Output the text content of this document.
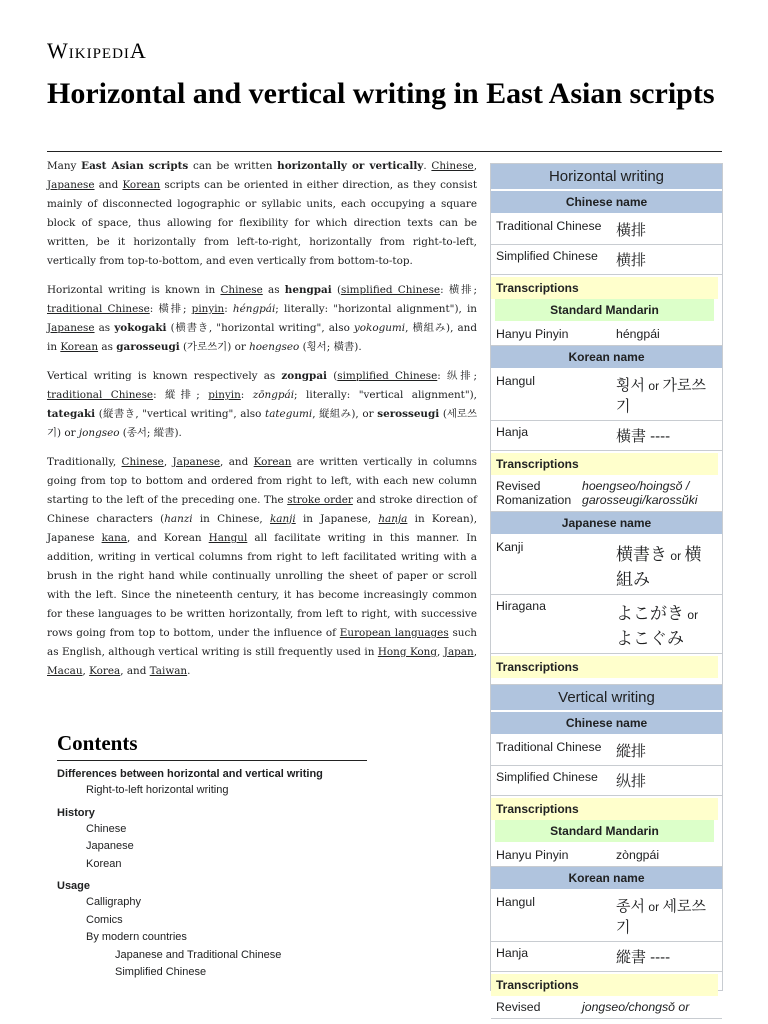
WikipediA
Horizontal and vertical writing in East Asian scripts

Many East Asian scripts can be written horizontally or vertically. Chinese, Japanese and Korean scripts can be oriented in either direction, as they consist mainly of disconnected logographic or syllabic units, each occupying a square block of space, thus allowing for flexibility for which direction texts can be written, be it horizontally from left-to-right, horizontally from right-to-left, vertically from top-to-bottom, and even vertically from bottom-to-top.

Horizontal writing is known in Chinese as hengpai (simplified Chinese: 横排; traditional Chinese: 橫排; pinyin: héngpái; literally: "horizontal alignment"), in Japanese as yokogaki (横書き, "horizontal writing", also yokogumi, 横組み), and in Korean as garosseugi (가로쓰기) or hoengseo (횡서; 橫書).

Vertical writing is known respectively as zongpai (simplified Chinese: 纵排; traditional Chinese: 縱排; pinyin: zōngpái; literally: "vertical alignment"), tategaki (縦書き, "vertical writing", also tategumi, 縦組み), or serosseugi (세로쓰기) or jongseo (종서; 縱書).

Traditionally, Chinese, Japanese, and Korean are written vertically in columns going from top to bottom and ordered from right to left, with each new column starting to the left of the preceding one. The stroke order and stroke direction of Chinese characters (hanzi in Chinese, kanji in Japanese, hanja in Korean), Japanese kana, and Korean Hangul all facilitate writing in this manner. In addition, writing in vertical columns from right to left facilitated writing with a brush in the right hand while continually unrolling the sheet of paper or scroll with the left. Since the nineteenth century, it has become increasingly common for these languages to be written horizontally, from left to right, with successive rows going from top to bottom, under the influence of European languages such as English, although vertical writing is still frequently used in Hong Kong, Japan, Macau, Korea, and Taiwan.

Contents
Differences between horizontal and vertical writing
Right-to-left horizontal writing
History
Chinese
Japanese
Korean
Usage
Calligraphy
Comics
By modern countries
Japanese and Traditional Chinese
Simplified Chinese
Horizontal writing
Chinese name
Traditional Chinese 橫排
Simplified Chinese	横排
Transcriptions
Standard Mandarin
Hanyu Pinyin	héngpái
Korean name
Hangul	횡서 or 가로쓰기
Hanja	橫書 ----
Transcriptions
Revised Romanization
hoengseo/hoingsŏ / garosseugi/karossŭki
Japanese name
Kanji	横書き or 横組み
Hiragana	よこがき or よこぐみ
Transcriptions
Vertical writing
Chinese name
Traditional Chinese 縱排
Simplified Chinese	纵排
Transcriptions
Standard Mandarin
Hanyu Pinyin	zòngpái
Korean name
Hangul	종서 or 세로쓰기
Hanja	縱書 ----
Transcriptions
Revised	jongseo/chongsŏ or
